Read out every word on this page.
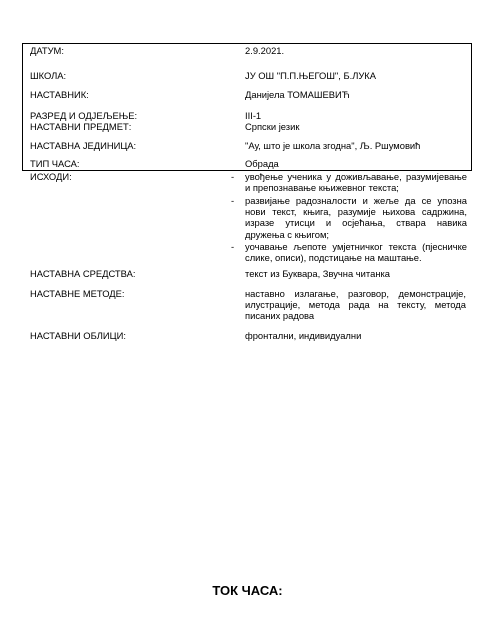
ДАТУМ:	2.9.2021.
ШКОЛА:	ЈУ ОШ "П.П.ЊЕГОШ", Б.ЛУКА
НАСТАВНИК:	Данијела ТОМАШЕВИЋ
РАЗРЕД И ОДЈЕЉЕЊЕ:	III-1
НАСТАВНИ ПРЕДМЕТ:	Српски језик
НАСТАВНА ЈЕДИНИЦА:	"Ау, што је школа згодна", Љ. Ршумовић
ТИП ЧАСА:	Обрада
ИСХОДИ:	- увођење ученика у доживљавање, разумијевање и препознавање књижевног текста;
- развијање радозналости и жеље да се упозна нови текст, књига, разумије њихова садржина, изразе утисци и осјећања, ствара навика дружења с књигом;
- уочавање љепоте умјетничког текста (пјесничке слике, описи), подстицање на маштање.
НАСТАВНА СРЕДСТВА:	текст из Буквара, Звучна читанка
НАСТАВНЕ МЕТОДЕ:	наставно излагање, разговор, демонстрације, илустрације, метода рада на тексту, метода писаних радова
НАСТАВНИ ОБЛИЦИ:	фронтални, индивидуални
ТОК ЧАСА:
